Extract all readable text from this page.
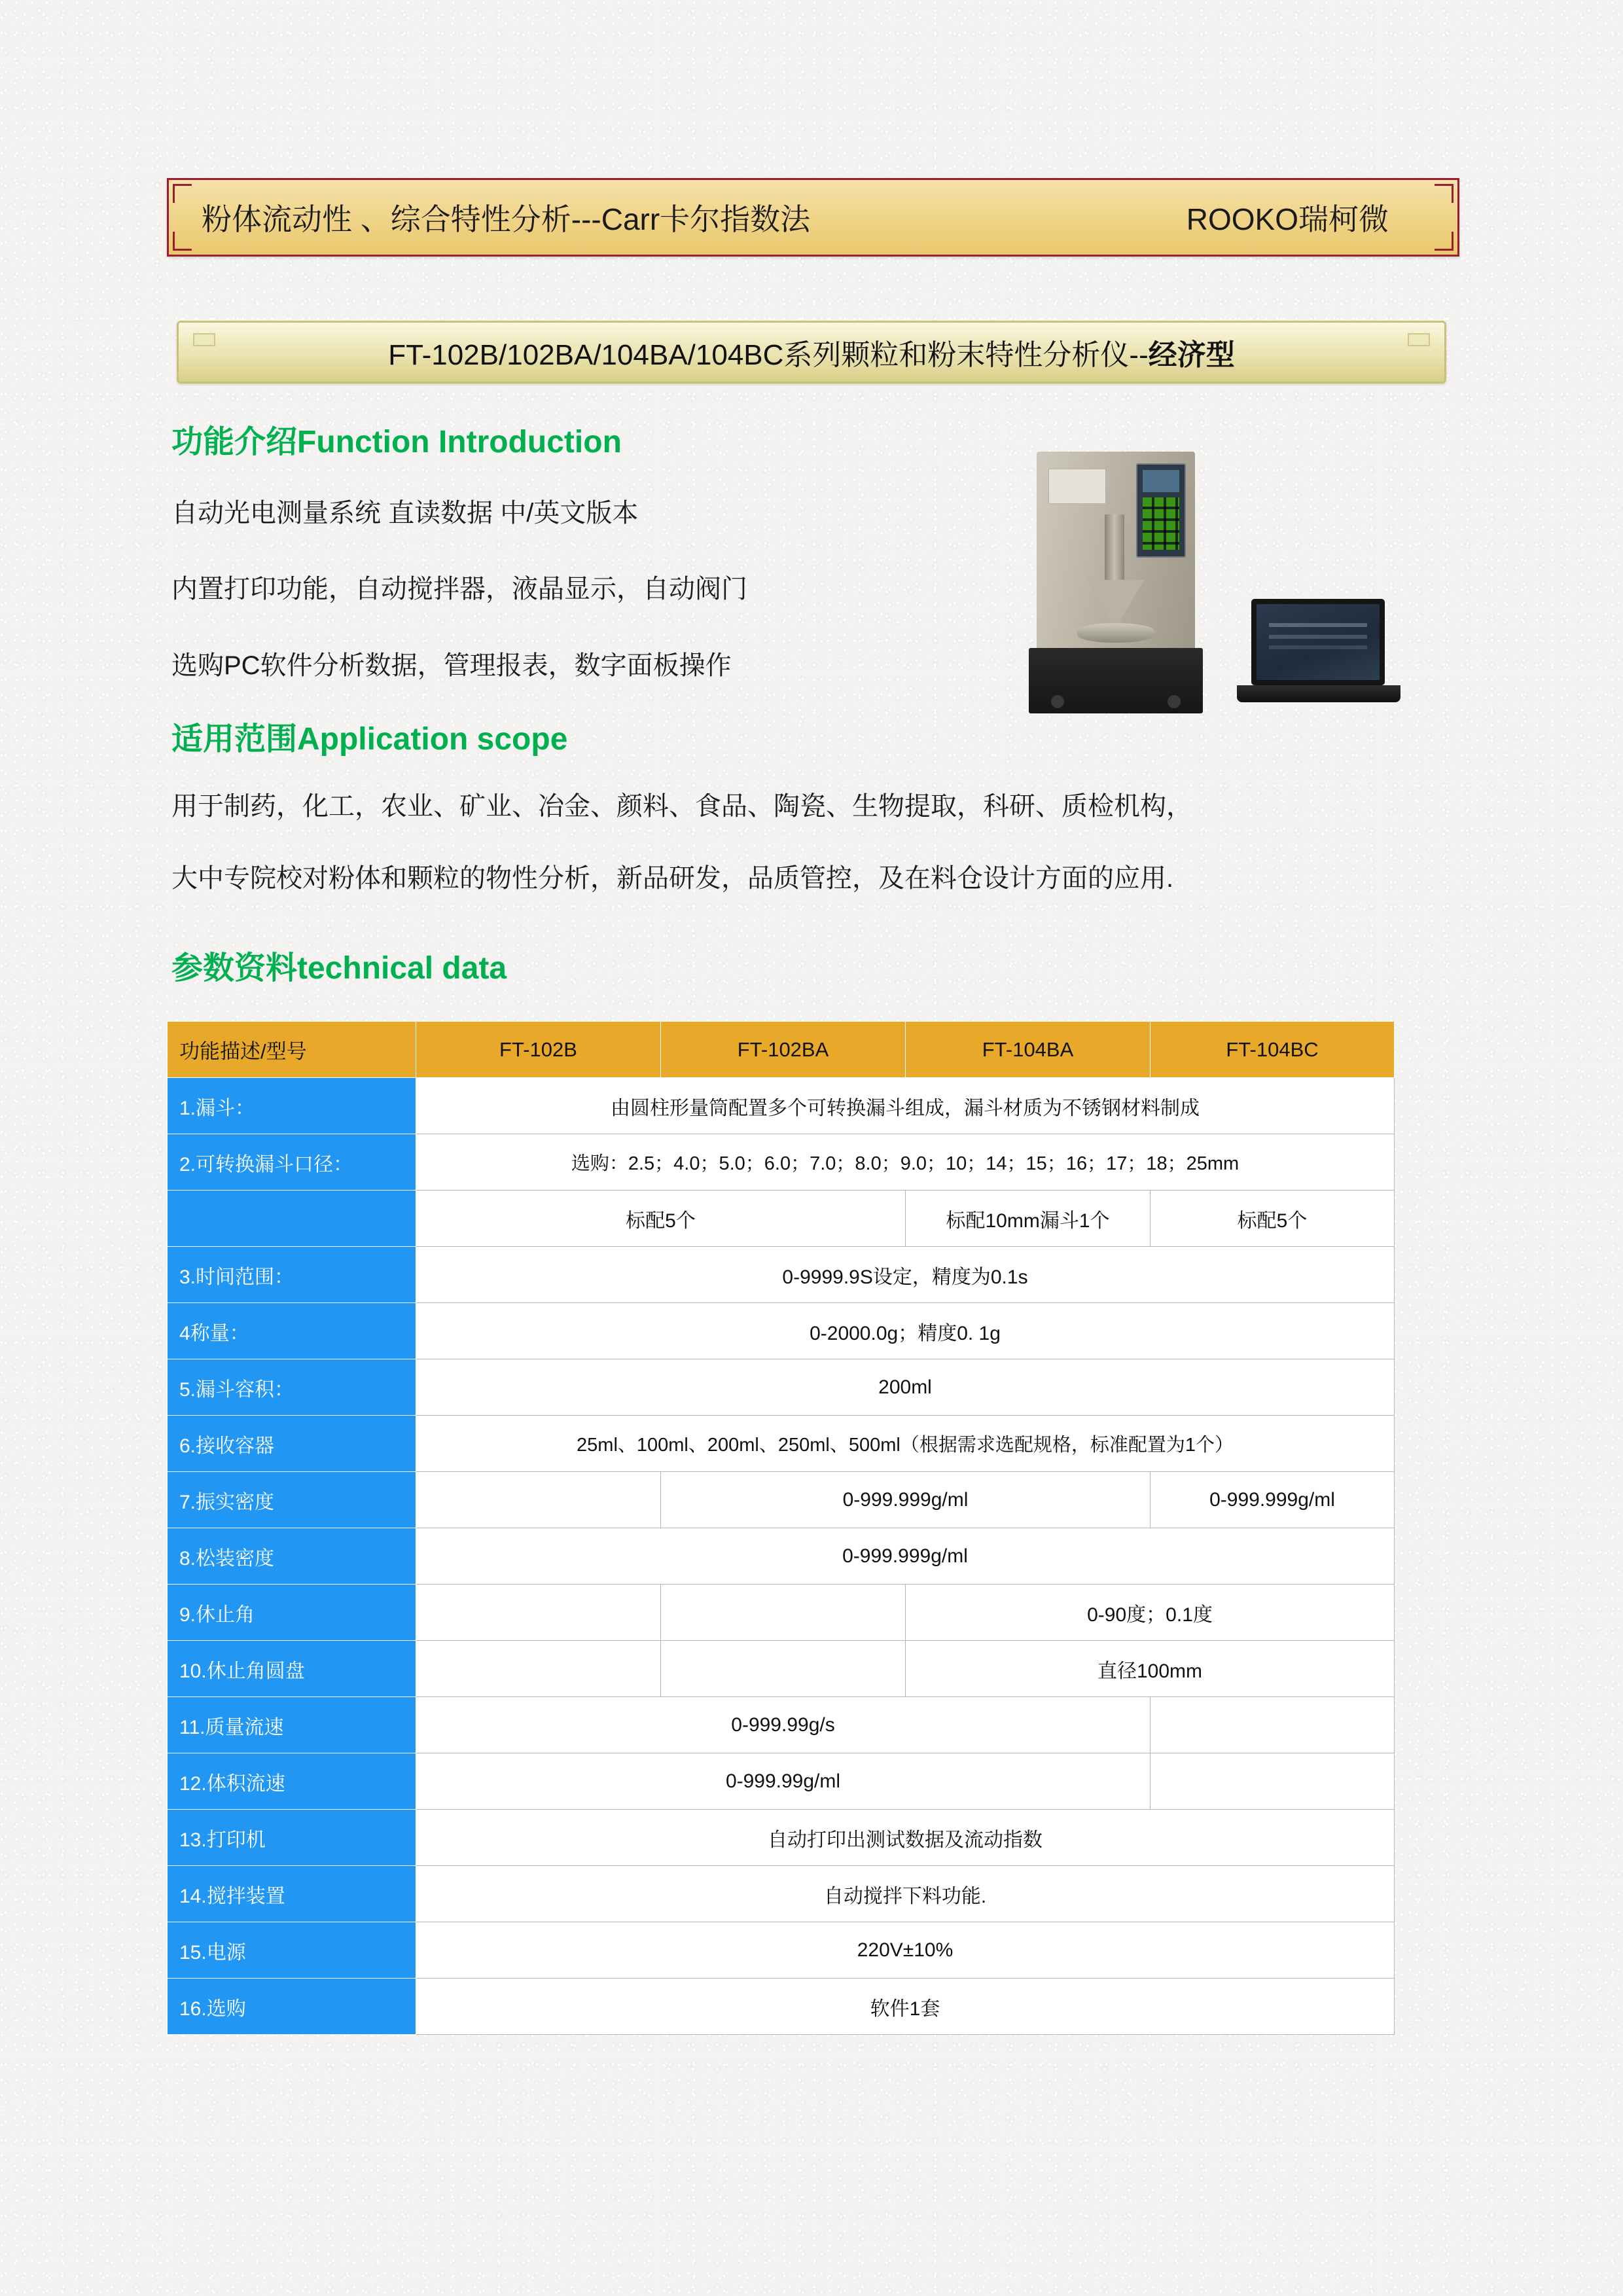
粉体流动性 、综合特性分析---Carr卡尔指数法	ROOKO瑞柯微
FT-102B/102BA/104BA/104BC系列颗粒和粉末特性分析仪--经济型
功能介绍Function Introduction
自动光电测量系统 直读数据 中/英文版本
内置打印功能，自动搅拌器，液晶显示，自动阀门
选购PC软件分析数据，管理报表，数字面板操作
适用范围Application scope
用于制药，化工，农业、矿业、冶金、颜料、食品、陶瓷、生物提取，科研、质检机构，
大中专院校对粉体和颗粒的物性分析，新品研发，品质管控，及在料仓设计方面的应用.
参数资料technical data
功能描述/型号	FT-102B	FT-102BA	FT-104BA	FT-104BC
1.漏斗：	由圆柱形量筒配置多个可转换漏斗组成，漏斗材质为不锈钢材料制成			
2.可转换漏斗口径：	选购：2.5；4.0；5.0；6.0；7.0；8.0；9.0；10；14；15；16；17；18；25mm			
	标配5个		标配10mm漏斗1个	标配5个
3.时间范围：	0-9999.9S设定，精度为0.1s			
4称量：	0-2000.0g；精度0. 1g			
5.漏斗容积：	200ml			
6.接收容器	25ml、100ml、200ml、250ml、500ml（根据需求选配规格，标准配置为1个）			
7.振实密度		0-999.999g/ml		0-999.999g/ml
8.松装密度	0-999.999g/ml			
9.休止角			0-90度；0.1度	
10.休止角圆盘			直径100mm	
11.质量流速	0-999.99g/s			
12.体积流速	0-999.99g/ml			
13.打印机	自动打印出测试数据及流动指数			
14.搅拌装置	自动搅拌下料功能.			
15.电源	220V±10%			
16.选购	软件1套			
